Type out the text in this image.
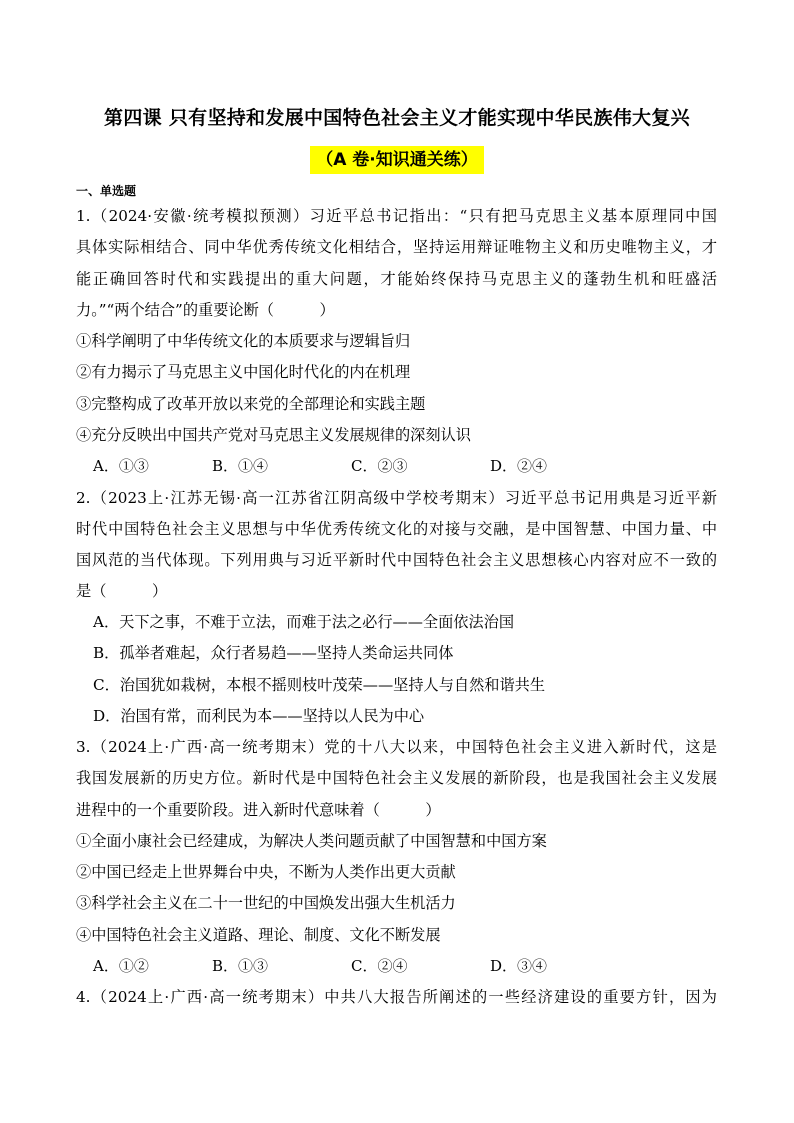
第四课 只有坚持和发展中国特色社会主义才能实现中华民族伟大复兴
（A 卷·知识通关练）
一、单选题
1.（2024·安徽·统考模拟预测）习近平总书记指出：“只有把马克思主义基本原理同中国
具体实际相结合、同中华优秀传统文化相结合，坚持运用辩证唯物主义和历史唯物主义，才
能正确回答时代和实践提出的重大问题，才能始终保持马克思主义的蓬勃生机和旺盛活
力。”“两个结合”的重要论断（　　　）
①科学阐明了中华传统文化的本质要求与逻辑旨归
②有力揭示了马克思主义中国化时代化的内在机理
③完整构成了改革开放以来党的全部理论和实践主题
④充分反映出中国共产党对马克思主义发展规律的深刻认识
A．①③	B．①④	C．②③	D．②④
2.（2023上·江苏无锡·高一江苏省江阴高级中学校考期末）习近平总书记用典是习近平新
时代中国特色社会主义思想与中华优秀传统文化的对接与交融，是中国智慧、中国力量、中
国风范的当代体现。下列用典与习近平新时代中国特色社会主义思想核心内容对应不一致的
是（　　　）
A．天下之事，不难于立法，而难于法之必行——全面依法治国
B．孤举者难起，众行者易趋——坚持人类命运共同体
C．治国犹如栽树，本根不摇则枝叶茂荣——坚持人与自然和谐共生
D．治国有常，而利民为本——坚持以人民为中心
3.（2024上·广西·高一统考期末）党的十八大以来，中国特色社会主义进入新时代，这是
我国发展新的历史方位。新时代是中国特色社会主义发展的新阶段，也是我国社会主义发展
进程中的一个重要阶段。进入新时代意味着（　　　）
①全面小康社会已经建成，为解决人类问题贡献了中国智慧和中国方案
②中国已经走上世界舞台中央，不断为人类作出更大贡献
③科学社会主义在二十一世纪的中国焕发出强大生机活力
④中国特色社会主义道路、理论、制度、文化不断发展
A．①②	B．①③	C．②④	D．③④
4.（2024上·广西·高一统考期末）中共八大报告所阐述的一些经济建设的重要方针，因为
